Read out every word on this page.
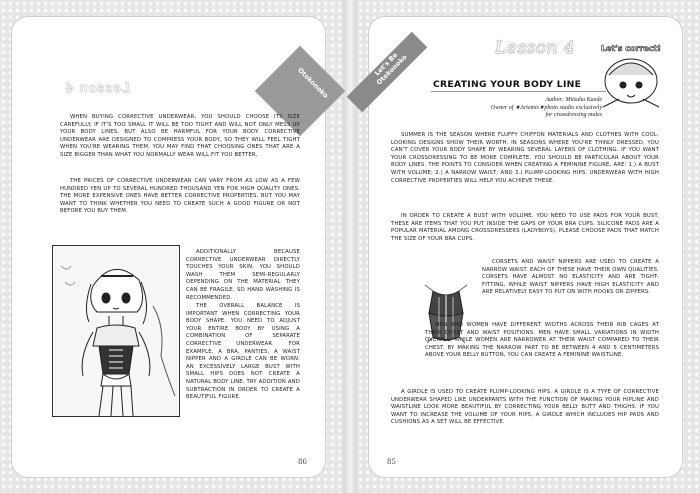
Lesson 4	Otokonoko

WHEN BUYING CORRECTIVE UNDERWEAR, YOU SHOULD CHOOSE ITS SIZE CAREFULLY. IF IT'S TOO SMALL IT WILL BE TOO TIGHT AND WILL NOT ONLY MESS UP YOUR BODY LINES, BUT ALSO BE HARMFUL FOR YOUR BODY. CORRECTIVE UNDERWEAR ARE DESIGNED TO COMPRESS YOUR BODY, SO THEY WILL FEEL TIGHT WHEN YOU'RE WEARING THEM. YOU MAY FIND THAT CHOOSING ONES THAT ARE A SIZE BIGGER THAN WHAT YOU NORMALLY WEAR WILL FIT YOU BETTER.

THE PRICES OF CORRECTIVE UNDERWEAR CAN VARY FROM AS LOW AS A FEW HUNDRED YEN UP TO SEVERAL HUNDRED THOUSAND YEN FOR HIGH QUALITY ONES. THE MORE EXPENSIVE ONES HAVE BETTER CORRECTIVE PROPERTIES, BUT YOU MAY WANT TO THINK WHETHER YOU NEED TO CREATE SUCH A GOOD FIGURE OR NOT BEFORE YOU BUY THEM.

ADDITIONALLY BECAUSE CORRECTIVE UNDERWEAR DIRECTLY TOUCHES YOUR SKIN, YOU SHOULD WASH THEM SEMI-REGULARLY DEPENDING ON THE MATERIAL THEY CAN BE FRAGILE, SO HAND WASHING IS RECOMMENDED.

THE OVERALL BALANCE IS IMPORTANT WHEN CORRECTING YOUR BODY SHAPE. YOU NEED TO ADJUST YOUR ENTIRE BODY BY USING A COMBINATION OF SEPARATE CORRECTIVE UNDERWEAR. FOR EXAMPLE, A BRA, PANTIES, A WAIST NIPPER AND A GIRDLE CAN BE WORN. AN EXCESSIVELY LARGE BUST WITH SMALL HIPS DOES NOT CREATE A NATURAL BODY LINE. TRY ADDITION AND SUBTRACTION IN ORDER TO CREATE A BEAUTIFUL FIGURE.

86
Let's Be Otokonoko
Lesson 4
CREATING YOUR BODY LINE
Let's correct!
Author: Mitsuha Kaede
Owner of ★Artemis★photo studio exclusively
for crossdressing males

SUMMER IS THE SEASON WHERE FLUFFY CHIFFON MATERIALS AND CLOTHES WITH COOL-LOOKING DESIGNS SHOW THEIR WORTH. IN SEASONS WHERE YOU'RE THINLY DRESSED, YOU CAN'T COVER YOUR BODY SHAPE BY WEARING SEVERAL LAYERS OF CLOTHING. IF YOU WANT YOUR CROSSDRESSING TO BE MORE COMPLETE, YOU SHOULD BE PARTICULAR ABOUT YOUR BODY LINES. THE POINTS TO CONSIDER WHEN CREATING A FEMININE FIGURE, ARE: 1.) A BUST WITH VOLUME; 2.) A NARROW WAIST; AND 3.) PLUMP-LOOKING HIPS. UNDERWEAR WITH HIGH CORRECTIVE PROPERTIES WILL HELP YOU ACHIEVE THESE.

IN ORDER TO CREATE A BUST WITH VOLUME, YOU NEED TO USE PADS FOR YOUR BUST. THESE ARE ITEMS THAT YOU PUT INSIDE THE GAPS OF YOUR BRA CUPS. SILICONE PADS ARE A POPULAR MATERIAL AMONG CROSSDRESSERS (LADYBOYS). PLEASE CHOOSE PADS THAT MATCH THE SIZE OF YOUR BRA CUPS.

CORSETS AND WAIST NIPPERS ARE USED TO CREATE A NARROW WAIST. EACH OF THESE HAVE THEIR OWN QUALITIES. CORSETS HAVE ALMOST NO ELASTICITY AND ARE TIGHT-FITTING, WHILE WAIST NIPPERS HAVE HIGH ELASTICITY AND ARE RELATIVELY EASY TO PUT ON WITH HOOKS OR ZIPPERS.

MEN AND WOMEN HAVE DIFFERENT WIDTHS ACROSS THEIR RIB CAGES AT THEIR CHEST AND WAIST POSITIONS. MEN HAVE SMALL VARIATIONS IN WIDTH OVERALL, WHILE WOMEN ARE NARROWER AT THEIR WAIST COMPARED TO THEIR CHEST. BY MAKING THE NARROW PART TO BE BETWEEN 4 AND 5 CENTIMETERS ABOVE YOUR BELLY BUTTON, YOU CAN CREATE A FEMININE WAISTLINE.

A GIRDLE IS USED TO CREATE PLUMP-LOOKING HIPS. A GIRDLE IS A TYPE OF CORRECTIVE UNDERWEAR SHAPED LIKE UNDERPANTS WITH THE FUNCTION OF MAKING YOUR HIPLINE AND WAISTLINE LOOK MORE BEAUTIFUL BY CORRECTING YOUR BELLY BUTT AND THIGHS. IF YOU WANT TO INCREASE THE VOLUME OF YOUR HIPS, A GIRDLE WHICH INCLUDES HIP PADS AND CUSHIONS AS A SET WILL BE EFFECTIVE.

85
